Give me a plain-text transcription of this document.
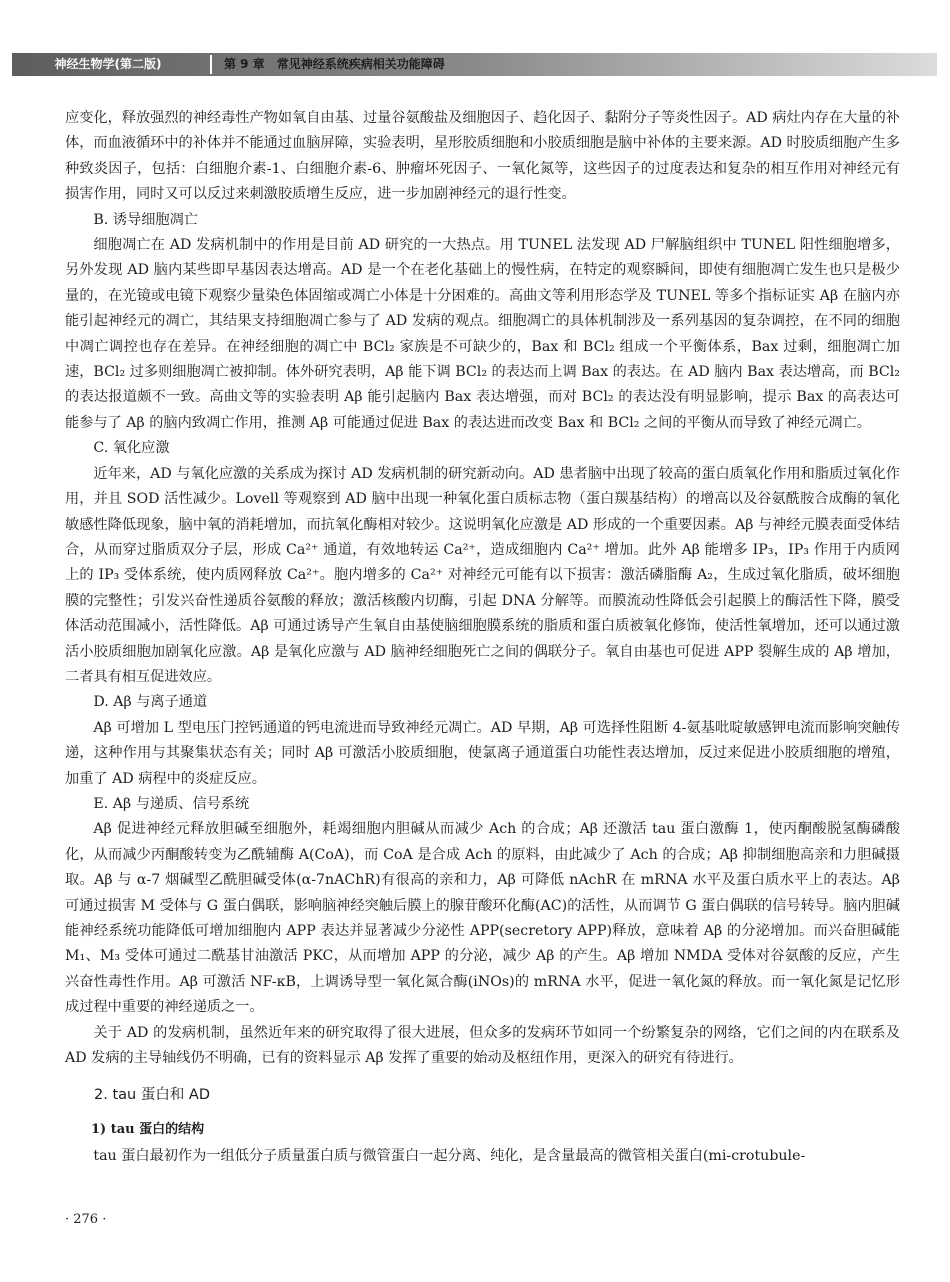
神经生物学(第二版)	第 9 章　常见神经系统疾病相关功能障碍

应变化，释放强烈的神经毒性产物如氧自由基、过量谷氨酸盐及细胞因子、趋化因子、黏附分子等炎性因子。AD 病灶内存在大量的补体，而血液循环中的补体并不能通过血脑屏障，实验表明，星形胶质细胞和小胶质细胞是脑中补体的主要来源。AD 时胶质细胞产生多种致炎因子，包括：白细胞介素-1、白细胞介素-6、肿瘤坏死因子、一氧化氮等，这些因子的过度表达和复杂的相互作用对神经元有损害作用，同时又可以反过来刺激胶质增生反应，进一步加剧神经元的退行性变。

B. 诱导细胞凋亡

细胞凋亡在 AD 发病机制中的作用是目前 AD 研究的一大热点。用 TUNEL 法发现 AD 尸解脑组织中 TUNEL 阳性细胞增多，另外发现 AD 脑内某些即早基因表达增高。AD 是一个在老化基础上的慢性病，在特定的观察瞬间，即使有细胞凋亡发生也只是极少量的，在光镜或电镜下观察少量染色体固缩或凋亡小体是十分困难的。高曲文等利用形态学及 TUNEL 等多个指标证实 Aβ 在脑内亦能引起神经元的凋亡，其结果支持细胞凋亡参与了 AD 发病的观点。细胞凋亡的具体机制涉及一系列基因的复杂调控，在不同的细胞中凋亡调控也存在差异。在神经细胞的凋亡中 BCl₂ 家族是不可缺少的，Bax 和 BCl₂ 组成一个平衡体系，Bax 过剩，细胞凋亡加速，BCl₂ 过多则细胞凋亡被抑制。体外研究表明，Aβ 能下调 BCl₂ 的表达而上调 Bax 的表达。在 AD 脑内 Bax 表达增高，而 BCl₂ 的表达报道颇不一致。高曲文等的实验表明 Aβ 能引起脑内 Bax 表达增强，而对 BCl₂ 的表达没有明显影响，提示 Bax 的高表达可能参与了 Aβ 的脑内致凋亡作用，推测 Aβ 可能通过促进 Bax 的表达进而改变 Bax 和 BCl₂ 之间的平衡从而导致了神经元凋亡。

C. 氧化应激

近年来，AD 与氧化应激的关系成为探讨 AD 发病机制的研究新动向。AD 患者脑中出现了较高的蛋白质氧化作用和脂质过氧化作用，并且 SOD 活性减少。Lovell 等观察到 AD 脑中出现一种氧化蛋白质标志物（蛋白羰基结构）的增高以及谷氨酰胺合成酶的氧化敏感性降低现象，脑中氧的消耗增加，而抗氧化酶相对较少。这说明氧化应激是 AD 形成的一个重要因素。Aβ 与神经元膜表面受体结合，从而穿过脂质双分子层，形成 Ca²⁺ 通道，有效地转运 Ca²⁺，造成细胞内 Ca²⁺ 增加。此外 Aβ 能增多 IP₃，IP₃ 作用于内质网上的 IP₃ 受体系统，使内质网释放 Ca²⁺。胞内增多的 Ca²⁺ 对神经元可能有以下损害：激活磷脂酶 A₂，生成过氧化脂质，破坏细胞膜的完整性；引发兴奋性递质谷氨酸的释放；激活核酸内切酶，引起 DNA 分解等。而膜流动性降低会引起膜上的酶活性下降，膜受体活动范围减小，活性降低。Aβ 可通过诱导产生氧自由基使脑细胞膜系统的脂质和蛋白质被氧化修饰，使活性氧增加，还可以通过激活小胶质细胞加剧氧化应激。Aβ 是氧化应激与 AD 脑神经细胞死亡之间的偶联分子。氧自由基也可促进 APP 裂解生成的 Aβ 增加，二者具有相互促进效应。

D. Aβ 与离子通道

Aβ 可增加 L 型电压门控钙通道的钙电流进而导致神经元凋亡。AD 早期，Aβ 可选择性阻断 4-氨基吡啶敏感钾电流而影响突触传递，这种作用与其聚集状态有关；同时 Aβ 可激活小胶质细胞，使氯离子通道蛋白功能性表达增加，反过来促进小胶质细胞的增殖，加重了 AD 病程中的炎症反应。

E. Aβ 与递质、信号系统

Aβ 促进神经元释放胆碱至细胞外，耗竭细胞内胆碱从而减少 Ach 的合成；Aβ 还激活 tau 蛋白激酶 1，使丙酮酸脱氢酶磷酸化，从而减少丙酮酸转变为乙酰辅酶 A(CoA)，而 CoA 是合成 Ach 的原料，由此减少了 Ach 的合成；Aβ 抑制细胞高亲和力胆碱摄取。Aβ 与 α-7 烟碱型乙酰胆碱受体(α-7nAChR)有很高的亲和力，Aβ 可降低 nAchR 在 mRNA 水平及蛋白质水平上的表达。Aβ 可通过损害 M 受体与 G 蛋白偶联，影响脑神经突触后膜上的腺苷酸环化酶(AC)的活性，从而调节 G 蛋白偶联的信号转导。脑内胆碱能神经系统功能降低可增加细胞内 APP 表达并显著减少分泌性 APP(secretory APP)释放，意味着 Aβ 的分泌增加。而兴奋胆碱能 M₁、M₃ 受体可通过二酰基甘油激活 PKC，从而增加 APP 的分泌，减少 Aβ 的产生。Aβ 增加 NMDA 受体对谷氨酸的反应，产生兴奋性毒性作用。Aβ 可激活 NF-κB，上调诱导型一氧化氮合酶(iNOs)的 mRNA 水平，促进一氧化氮的释放。而一氧化氮是记忆形成过程中重要的神经递质之一。

关于 AD 的发病机制，虽然近年来的研究取得了很大进展，但众多的发病环节如同一个纷繁复杂的网络，它们之间的内在联系及 AD 发病的主导轴线仍不明确，已有的资料显示 Aβ 发挥了重要的始动及枢纽作用，更深入的研究有待进行。

2. tau 蛋白和 AD

1) tau 蛋白的结构

tau 蛋白最初作为一组低分子质量蛋白质与微管蛋白一起分离、纯化，是含量最高的微管相关蛋白(mi-crotubule-

· 276 ·
